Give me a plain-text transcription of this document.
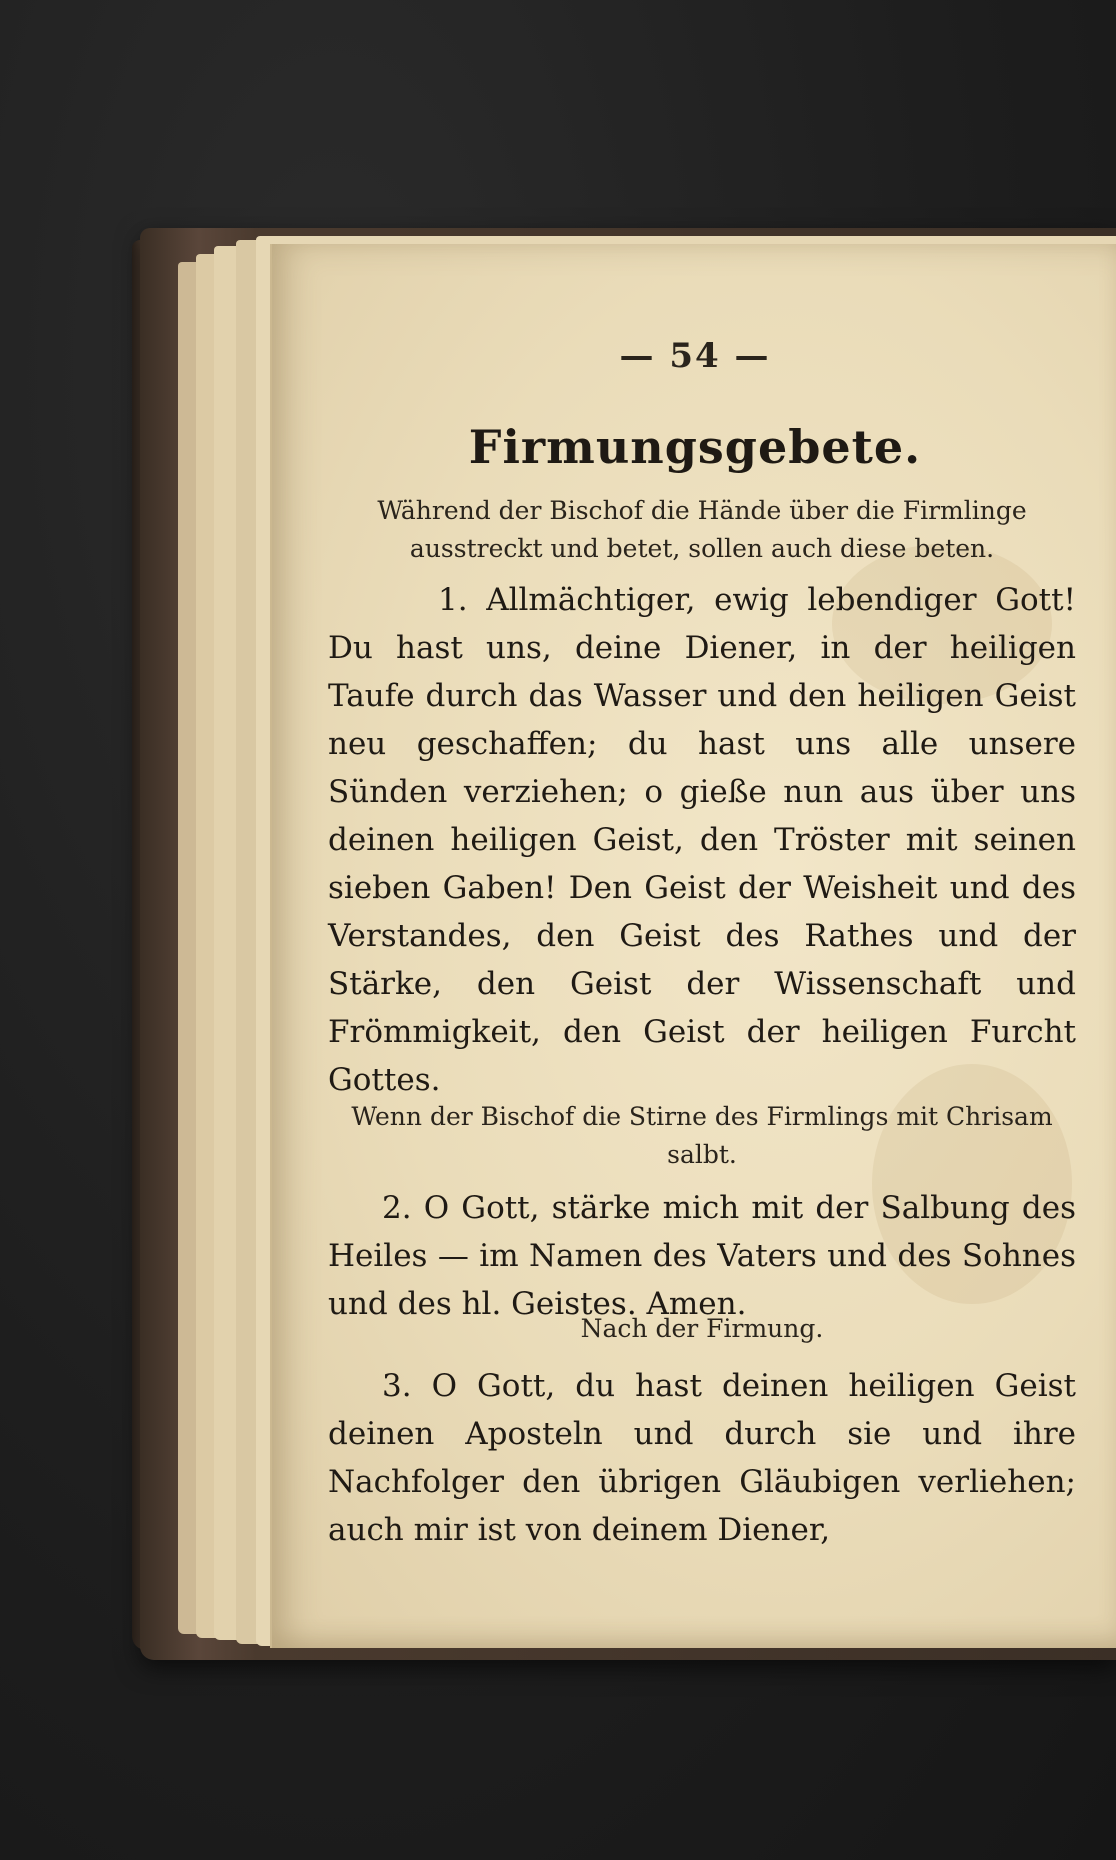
— 54 —
Firmungsgebete.
Während der Bischof die Hände über die Firmlinge ausstreckt und betet, sollen auch diese beten.
1. Allmächtiger, ewig lebendiger Gott! Du hast uns, deine Diener, in der heiligen Taufe durch das Wasser und den heiligen Geist neu geschaffen; du hast uns alle unsere Sünden verziehen; o gieße nun aus über uns deinen heiligen Geist, den Tröster mit seinen sieben Gaben! Den Geist der Weisheit und des Verstandes, den Geist des Rathes und der Stärke, den Geist der Wissenschaft und Frömmigkeit, den Geist der heiligen Furcht Gottes.
Wenn der Bischof die Stirne des Firmlings mit Chrisam salbt.
2. O Gott, stärke mich mit der Salbung des Heiles — im Namen des Vaters und des Sohnes und des hl. Geistes. Amen.
Nach der Firmung.
3. O Gott, du hast deinen heiligen Geist deinen Aposteln und durch sie und ihre Nachfolger den übrigen Gläubigen verliehen; auch mir ist von deinem Diener,
